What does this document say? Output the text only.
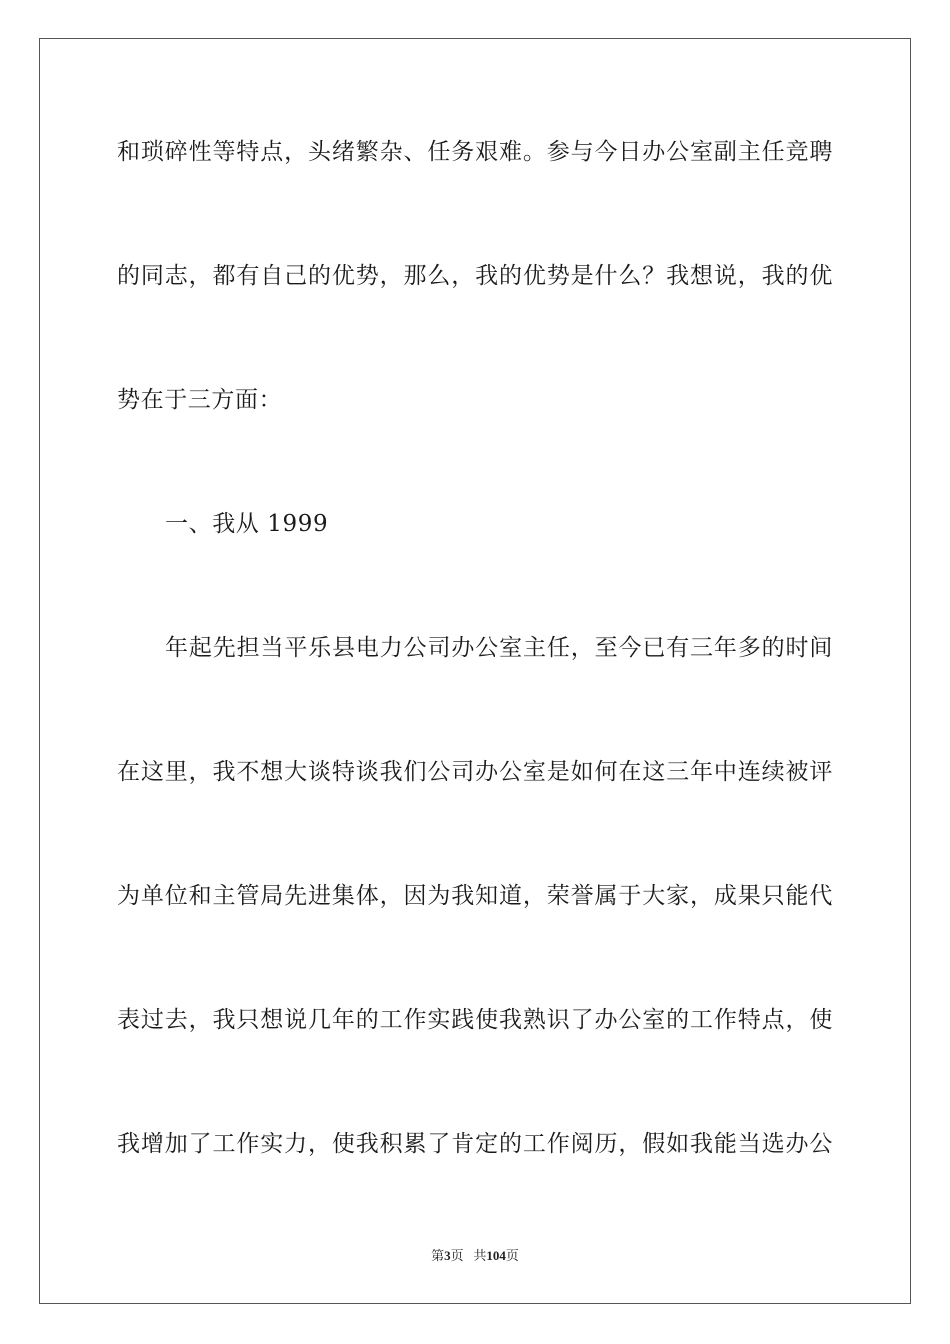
和琐碎性等特点，头绪繁杂、任务艰难。参与今日办公室副主任竞聘
的同志，都有自己的优势，那么，我的优势是什么？我想说，我的优
势在于三方面：
一、我从 1999
年起先担当平乐县电力公司办公室主任，至今已有三年多的时间
在这里，我不想大谈特谈我们公司办公室是如何在这三年中连续被评
为单位和主管局先进集体，因为我知道，荣誉属于大家，成果只能代
表过去，我只想说几年的工作实践使我熟识了办公室的工作特点，使
我增加了工作实力，使我积累了肯定的工作阅历，假如我能当选办公
第3页 共104页
